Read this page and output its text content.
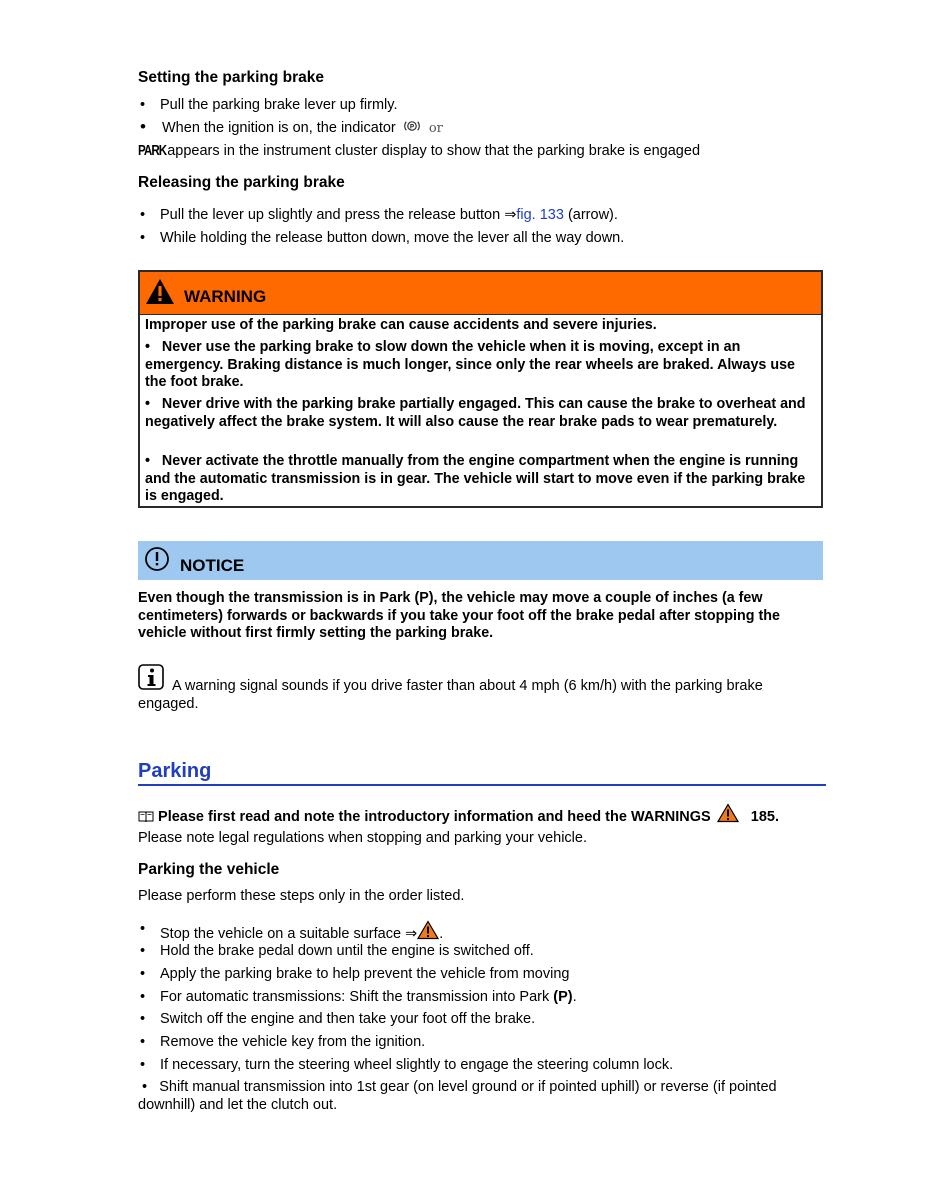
Setting the parking brake
• Pull the parking brake lever up firmly.
• When the ignition is on, the indicator P or
PARKappears in the instrument cluster display to show that the parking brake is engaged
Releasing the parking brake
• Pull the lever up slightly and press the release button ⇒fig. 133 (arrow).
• While holding the release button down, move the lever all the way down.
WARNING
Improper use of the parking brake can cause accidents and severe injuries.
•   Never use the parking brake to slow down the vehicle when it is moving, except in an emergency. Braking distance is much longer, since only the rear wheels are braked. Always use the foot brake.
•   Never drive with the parking brake partially engaged. This can cause the brake to overheat and negatively affect the brake system. It will also cause the rear brake pads to wear prematurely.
•   Never activate the throttle manually from the engine compartment when the engine is running and the automatic transmission is in gear. The vehicle will start to move even if the parking brake is engaged.
NOTICE
Even though the transmission is in Park (P), the vehicle may move a couple of inches (a few centimeters) forwards or backwards if you take your foot off the brake pedal after stopping the vehicle without first firmly setting the parking brake.
A warning signal sounds if you drive faster than about 4 mph (6 km/h) with the parking brake engaged.
Parking
Please first read and note the introductory information and heed the WARNINGS	185.
Please note legal regulations when stopping and parking your vehicle.
Parking the vehicle
Please perform these steps only in the order listed.
• Stop the vehicle on a suitable surface ⇒ .
• Hold the brake pedal down until the engine is switched off.
• Apply the parking brake to help prevent the vehicle from moving
• For automatic transmissions: Shift the transmission into Park (P).
• Switch off the engine and then take your foot off the brake.
• Remove the vehicle key from the ignition.
• If necessary, turn the steering wheel slightly to engage the steering column lock.
•   Shift manual transmission into 1st gear (on level ground or if pointed uphill) or reverse (if pointed downhill) and let the clutch out.
